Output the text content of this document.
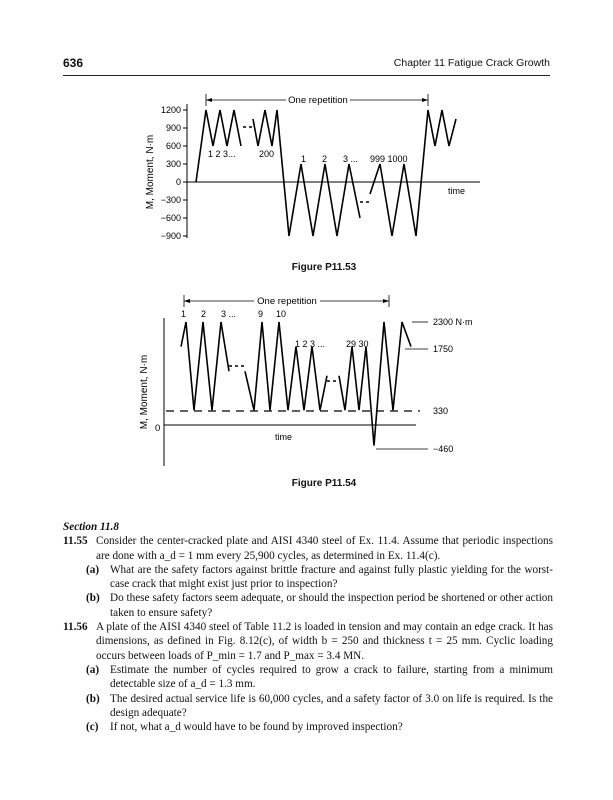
636	Chapter 11 Fatigue Crack Growth
1200
900
600
300
0
−300
−600
−900
M, Moment, N·m
One repetition
1 2 3...	200	1 2 3 ... 999 1000
time
0
M, Moment, N·m
One repetition
2300 N·m
1750
330
−460
1 2 3 ... 9 10
1 2 3 ... 29 30
time
Figure P11.53
Figure P11.54
Section 11.8
11.55 Consider the center-cracked plate and AISI 4340 steel of Ex. 11.4. Assume that periodic inspections are done with a_d = 1 mm every 25,900 cycles, as determined in Ex. 11.4(c).
(a) What are the safety factors against brittle fracture and against fully plastic yielding for the worst-case crack that might exist just prior to inspection?
(b) Do these safety factors seem adequate, or should the inspection period be shortened or other action taken to ensure safety?
11.56 A plate of the AISI 4340 steel of Table 11.2 is loaded in tension and may contain an edge crack. It has dimensions, as defined in Fig. 8.12(c), of width b = 250 and thickness t = 25 mm. Cyclic loading occurs between loads of P_min = 1.7 and P_max = 3.4 MN.
(a) Estimate the number of cycles required to grow a crack to failure, starting from a minimum detectable size of a_d = 1.3 mm.
(b) The desired actual service life is 60,000 cycles, and a safety factor of 3.0 on life is required. Is the design adequate?
(c) If not, what a_d would have to be found by improved inspection?
